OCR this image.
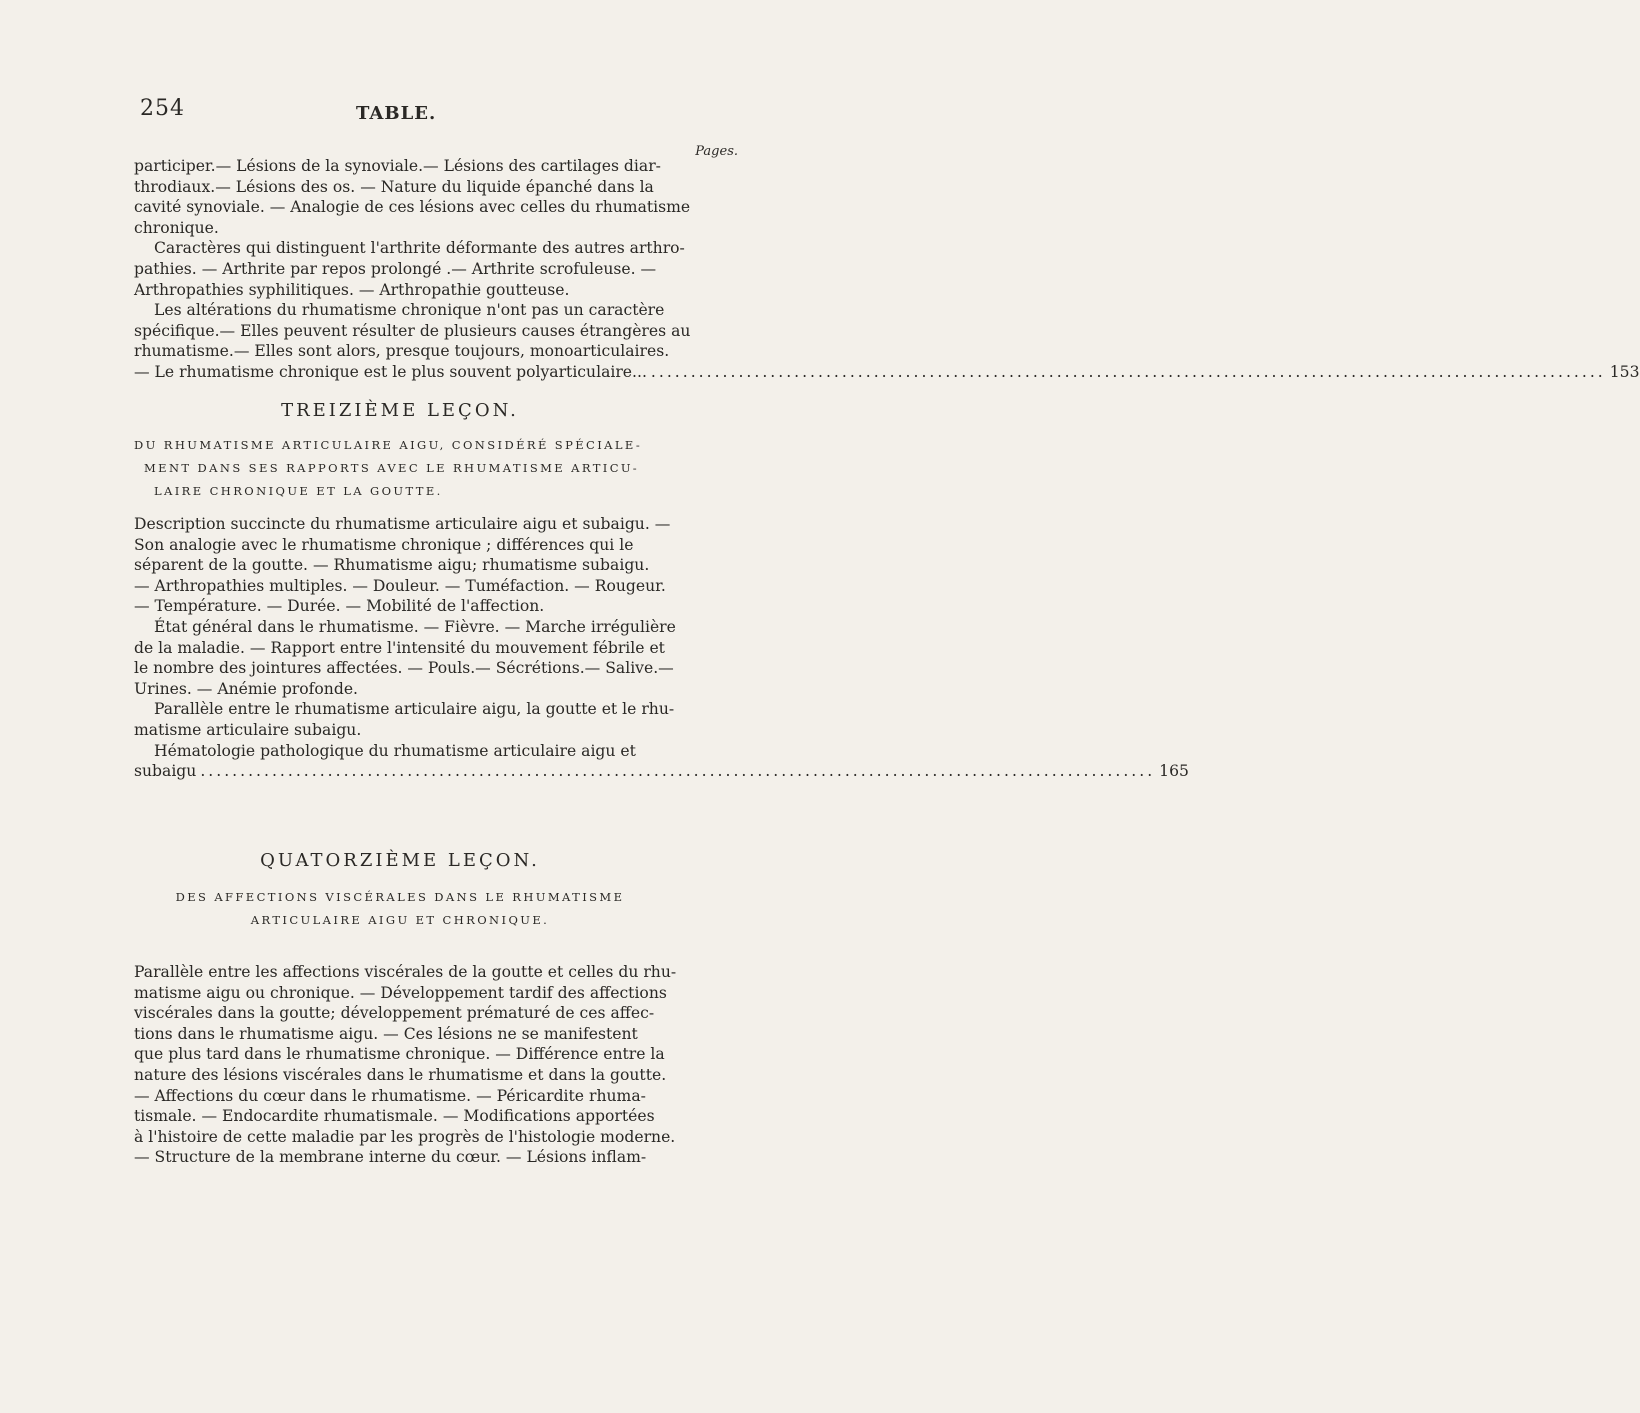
254	TABLE.
Pages.
participer.— Lésions de la synoviale.— Lésions des cartilages diar-
throdiaux.— Lésions des os. — Nature du liquide épanché dans la
cavité synoviale. — Analogie de ces lésions avec celles du rhumatisme
chronique.
Caractères qui distinguent l'arthrite déformante des autres arthro-
pathies. — Arthrite par repos prolongé .— Arthrite scrofuleuse. —
Arthropathies syphilitiques. — Arthropathie goutteuse.
Les altérations du rhumatisme chronique n'ont pas un caractère
spécifique.— Elles peuvent résulter de plusieurs causes étrangères au
rhumatisme.— Elles sont alors, presque toujours, monoarticulaires.
— Le rhumatisme chronique est le plus souvent polyarticulaire... ........................................................................................................................ 153
TREIZIÈME LEÇON.
DU RHUMATISME ARTICULAIRE AIGU, CONSIDÉRÉ SPÉCIALE-
MENT DANS SES RAPPORTS AVEC LE RHUMATISME ARTICU-
LAIRE CHRONIQUE ET LA GOUTTE.
Description succincte du rhumatisme articulaire aigu et subaigu. —
Son analogie avec le rhumatisme chronique ; différences qui le
séparent de la goutte. — Rhumatisme aigu; rhumatisme subaigu.
— Arthropathies multiples. — Douleur. — Tuméfaction. — Rougeur.
— Température. — Durée. — Mobilité de l'affection.
État général dans le rhumatisme. — Fièvre. — Marche irrégulière
de la maladie. — Rapport entre l'intensité du mouvement fébrile et
le nombre des jointures affectées. — Pouls.— Sécrétions.— Salive.—
Urines. — Anémie profonde.
Parallèle entre le rhumatisme articulaire aigu, la goutte et le rhu-
matisme articulaire subaigu.
Hématologie pathologique du rhumatisme articulaire aigu et
subaigu ........................................................................................................................ 165
QUATORZIÈME LEÇON.
DES AFFECTIONS VISCÉRALES DANS LE RHUMATISME
ARTICULAIRE AIGU ET CHRONIQUE.
Parallèle entre les affections viscérales de la goutte et celles du rhu-
matisme aigu ou chronique. — Développement tardif des affections
viscérales dans la goutte; développement prématuré de ces affec-
tions dans le rhumatisme aigu. — Ces lésions ne se manifestent
que plus tard dans le rhumatisme chronique. — Différence entre la
nature des lésions viscérales dans le rhumatisme et dans la goutte.
— Affections du cœur dans le rhumatisme. — Péricardite rhuma-
tismale. — Endocardite rhumatismale. — Modifications apportées
à l'histoire de cette maladie par les progrès de l'histologie moderne.
— Structure de la membrane interne du cœur. — Lésions inflam-
